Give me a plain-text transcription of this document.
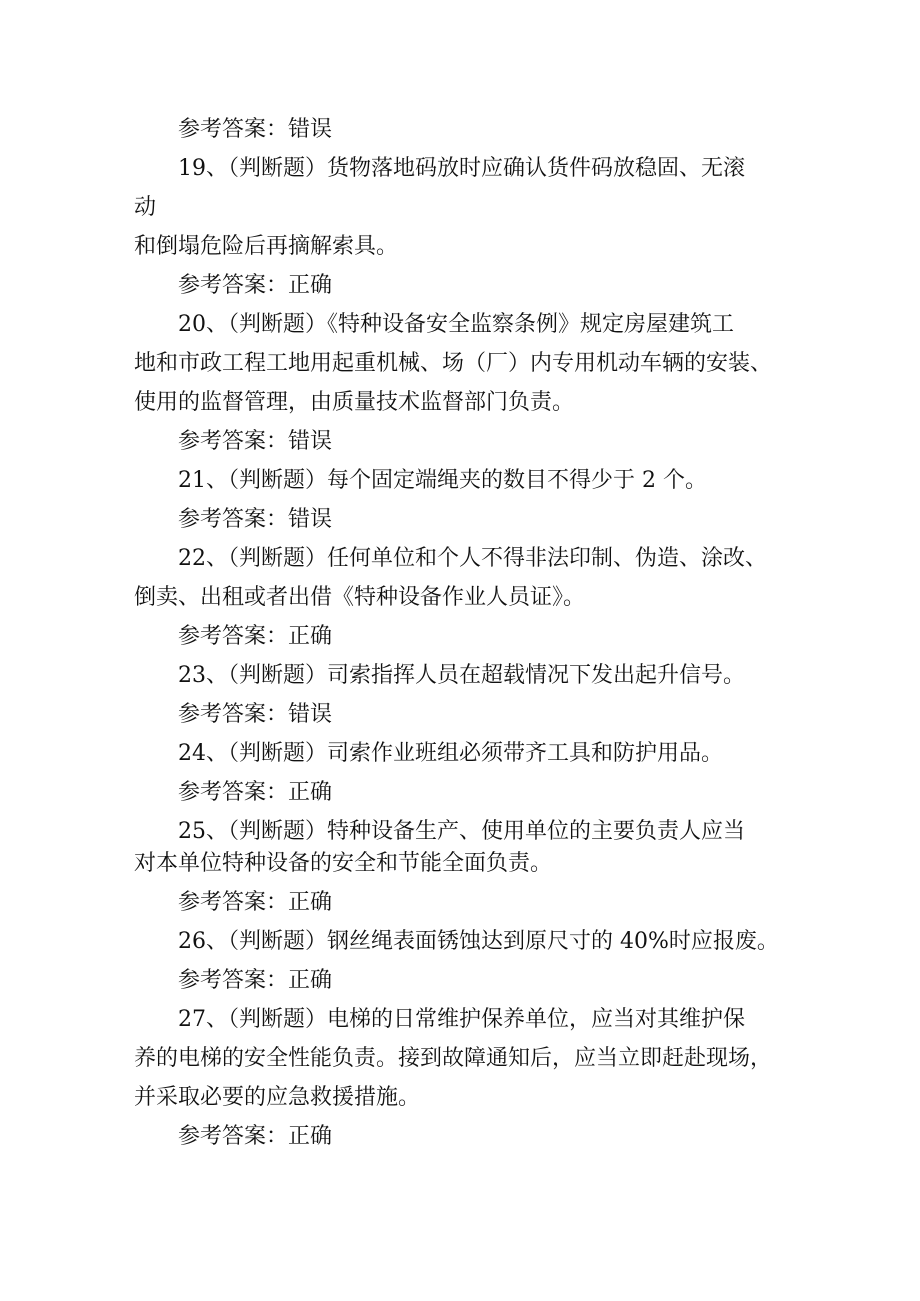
参考答案：错误
19、（判断题）货物落地码放时应确认货件码放稳固、无滚
动
和倒塌危险后再摘解索具。
参考答案：正确
20、（判断题）《特种设备安全监察条例》规定房屋建筑工
地和市政工程工地用起重机械、场（厂）内专用机动车辆的安装、
使用的监督管理，由质量技术监督部门负责。
参考答案：错误
21、（判断题）每个固定端绳夹的数目不得少于 2 个。
参考答案：错误
22、（判断题）任何单位和个人不得非法印制、伪造、涂改、
倒卖、出租或者出借《特种设备作业人员证》。
参考答案：正确
23、（判断题）司索指挥人员在超载情况下发出起升信号。
参考答案：错误
24、（判断题）司索作业班组必须带齐工具和防护用品。
参考答案：正确
25、（判断题）特种设备生产、使用单位的主要负责人应当
对本单位特种设备的安全和节能全面负责。
参考答案：正确
26、（判断题）钢丝绳表面锈蚀达到原尺寸的 40%时应报废。
参考答案：正确
27、（判断题）电梯的日常维护保养单位，应当对其维护保
养的电梯的安全性能负责。接到故障通知后，应当立即赶赴现场，
并采取必要的应急救援措施。
参考答案：正确
